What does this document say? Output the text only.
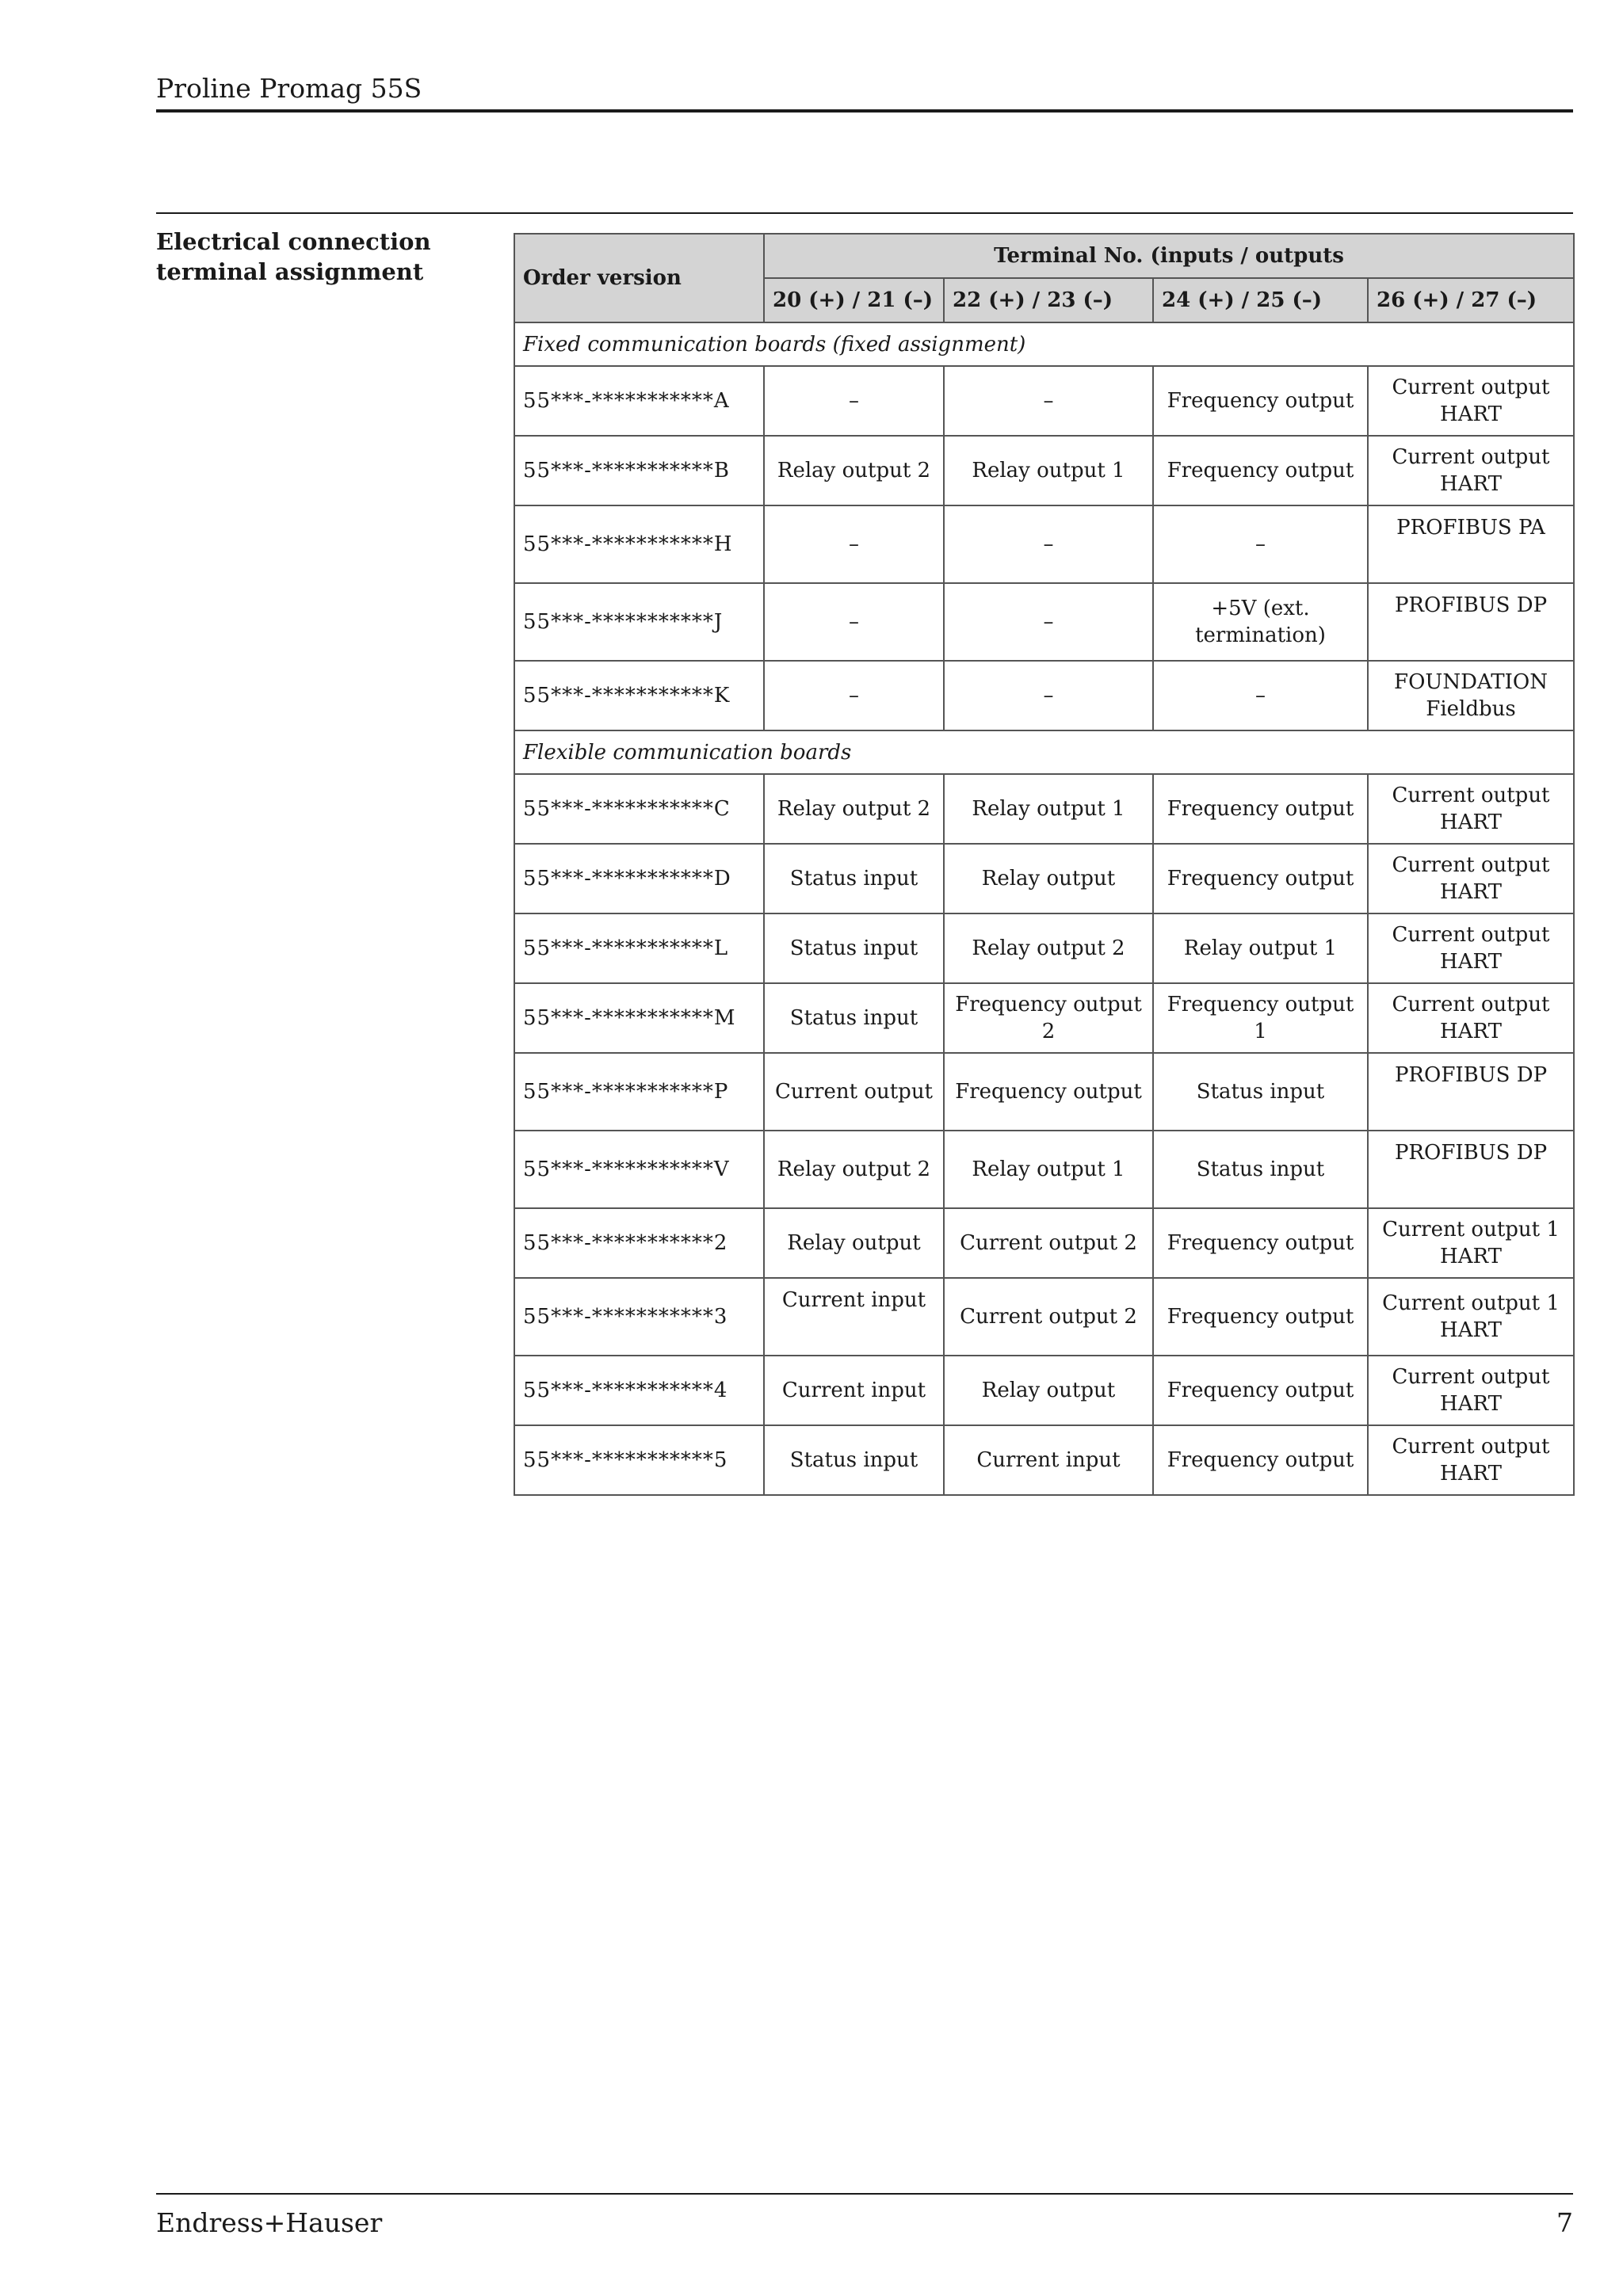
Proline Promag 55S
Electrical connection
terminal assignment	Order version	Terminal No. (inputs / outputs			
	20 (+) / 21 (–)	22 (+) / 23 (–)	24 (+) / 25 (–)	26 (+) / 27 (–)
Fixed communication boards (fixed assignment)				
55***-***********A	–	–	Frequency output	Current output
HART

55***-***********B	Relay output 2	Relay output 1	Frequency output	Current output
HART

55***-***********H	–	–	–	PROFIBUS PA

55***-***********J	–	–	+5V (ext. termination)	PROFIBUS DP

55***-***********K	–	–	–	FOUNDATION
Fieldbus

Flexible communication boards				
55***-***********C	Relay output 2	Relay output 1	Frequency output	Current output
HART

55***-***********D	Status input	Relay output	Frequency output	Current output
HART

55***-***********L	Status input	Relay output 2	Relay output 1	Current output
HART

55***-***********M	Status input	Frequency output 2	Frequency output 1	Current output
HART

55***-***********P	Current output	Frequency output	Status input	PROFIBUS DP

55***-***********V	Relay output 2	Relay output 1	Status input	PROFIBUS DP

55***-***********2	Relay output	Current output 2	Frequency output	Current output 1
HART

55***-***********3	Current input	Current output 2	Frequency output	Current output 1
HART

55***-***********4	Current input	Relay output	Frequency output	Current output
HART

55***-***********5	Status input	Current input	Frequency output	Current output
HART
Endress+Hauser	7
